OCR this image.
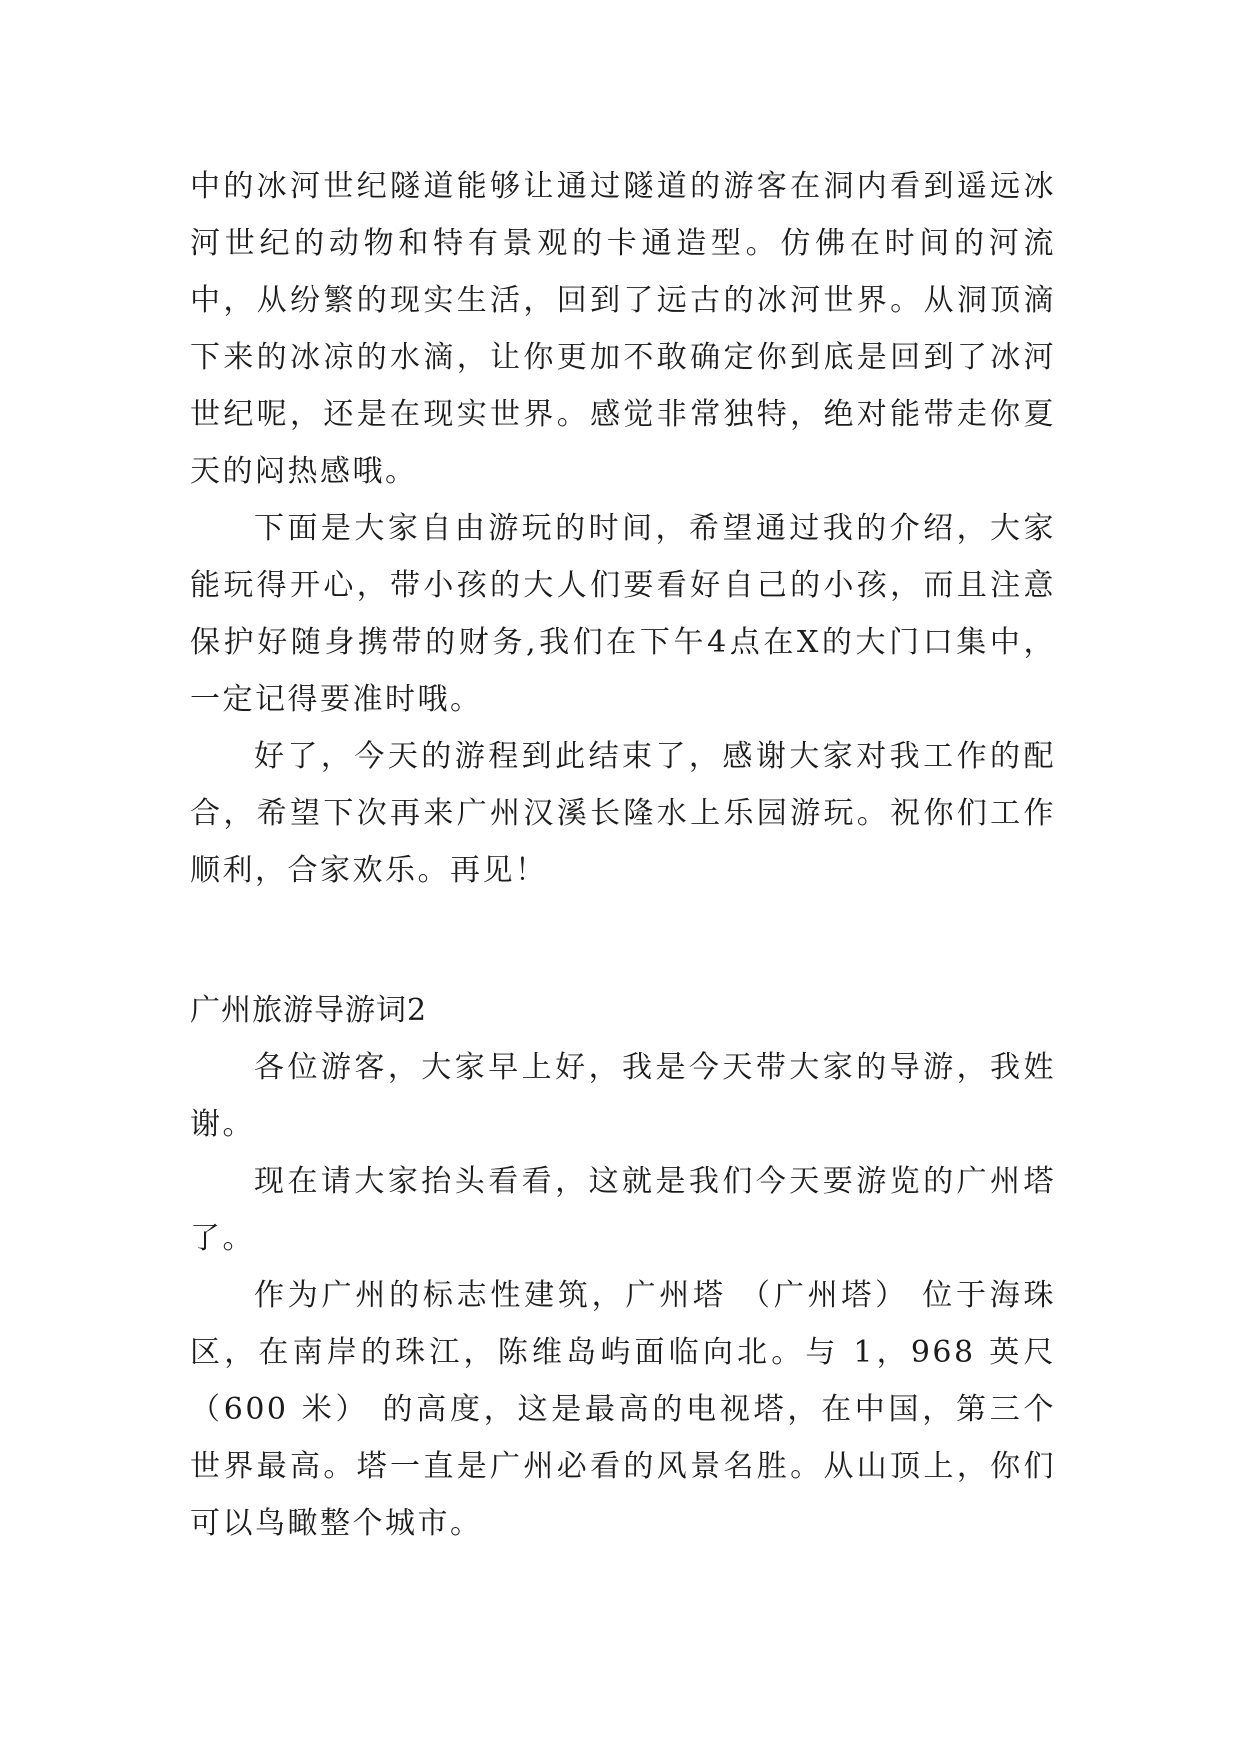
中的冰河世纪隧道能够让通过隧道的游客在洞内看到遥远冰河世纪的动物和特有景观的卡通造型。仿佛在时间的河流中，从纷繁的现实生活，回到了远古的冰河世界。从洞顶滴下来的冰凉的水滴，让你更加不敢确定你到底是回到了冰河世纪呢，还是在现实世界。感觉非常独特，绝对能带走你夏天的闷热感哦。

下面是大家自由游玩的时间，希望通过我的介绍，大家能玩得开心，带小孩的大人们要看好自己的小孩，而且注意保护好随身携带的财务,我们在下午4点在X的大门口集中，一定记得要准时哦。

好了，今天的游程到此结束了，感谢大家对我工作的配合，希望下次再来广州汉溪长隆水上乐园游玩。祝你们工作顺利，合家欢乐。再见！

广州旅游导游词2

各位游客，大家早上好，我是今天带大家的导游，我姓谢。

现在请大家抬头看看，这就是我们今天要游览的广州塔了。

作为广州的标志性建筑，广州塔 （广州塔） 位于海珠区，在南岸的珠江，陈维岛屿面临向北。与 1，968 英尺（600 米） 的高度，这是最高的电视塔，在中国，第三个世界最高。塔一直是广州必看的风景名胜。从山顶上，你们可以鸟瞰整个城市。
